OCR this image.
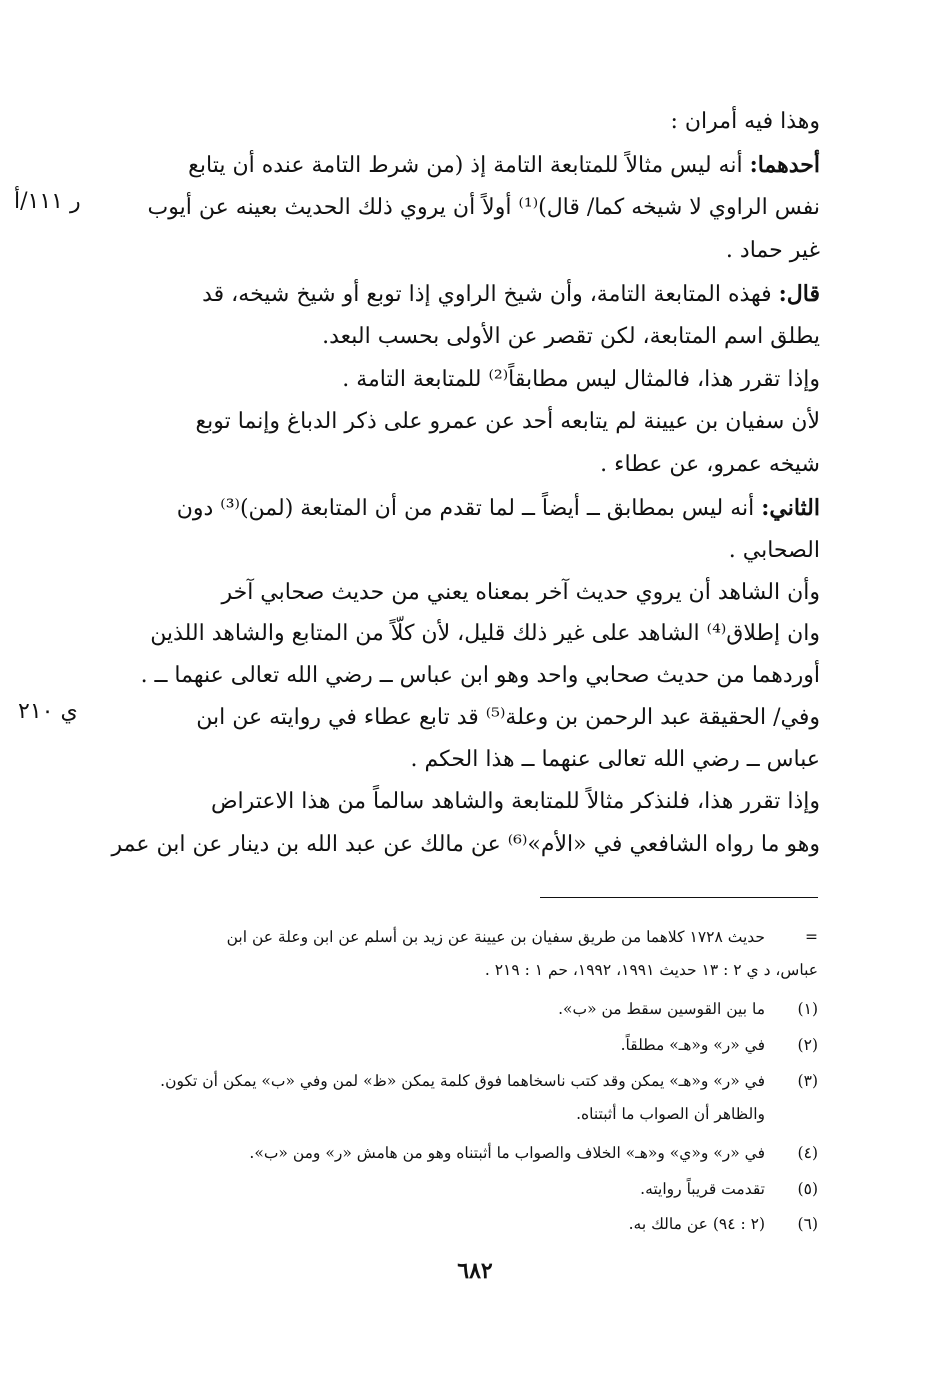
وهذا فيه أمران :
أحدهما: أنه ليس مثالاً للمتابعة التامة إذ (من شرط التامة عنده أن يتابع
نفس الراوي لا شيخه كما/ قال)⁽¹⁾ أولاً أن يروي ذلك الحديث بعينه عن أيوب
ر ١١١/أ
غير حماد .
قال: فهذه المتابعة التامة، وأن شيخ الراوي إذا توبع أو شيخ شيخه، قد
يطلق اسم المتابعة، لكن تقصر عن الأولى بحسب البعد.
وإذا تقرر هذا، فالمثال ليس مطابقاً⁽²⁾ للمتابعة التامة .
لأن سفيان بن عيينة لم يتابعه أحد عن عمرو على ذكر الدباغ وإنما توبع
شيخه عمرو، عن عطاء .
الثاني: أنه ليس بمطابق ــ أيضاً ــ لما تقدم من أن المتابعة (لمن)⁽³⁾ دون
الصحابي .
وأن الشاهد أن يروي حديث آخر بمعناه يعني من حديث صحابي آخر
وان إطلاق⁽⁴⁾ الشاهد على غير ذلك قليل، لأن كلّاً من المتابع والشاهد اللذين
أوردهما من حديث صحابي واحد وهو ابن عباس ــ رضي الله تعالى عنهما ــ .
وفي/ الحقيقة عبد الرحمن بن وعلة⁽⁵⁾ قد تابع عطاء في روايته عن ابن
ي ٢١٠
عباس ــ رضي الله تعالى عنهما ــ هذا الحكم .
وإذا تقرر هذا، فلنذكر مثالاً للمتابعة والشاهد سالماً من هذا الاعتراض
وهو ما رواه الشافعي في «الأم»⁽⁶⁾ عن مالك عن عبد الله بن دينار عن ابن عمر
=
حديث ١٧٢٨ كلاهما من طريق سفيان بن عيينة عن زيد بن أسلم عن ابن وعلة عن ابن
عباس، د ي ٢ : ١٣ حديث ١٩٩١، ١٩٩٢، حم ١ : ٢١٩ .
(١)
ما بين القوسين سقط من «ب».
(٢)
في «ر» و«هـ» مطلقاً.
(٣)
في «ر» و«هـ» يمكن وقد كتب ناسخاهما فوق كلمة يمكن «ظ» لمن وفي «ب» يمكن أن تكون.
والظاهر أن الصواب ما أثبتناه.
(٤)
في «ر» و«ي» و«هـ» الخلاف والصواب ما أثبتناه وهو من هامش «ر» ومن «ب».
(٥)
تقدمت قريباً روايته.
(٦)
(٢ : ٩٤) عن مالك به.
٦٨٢
